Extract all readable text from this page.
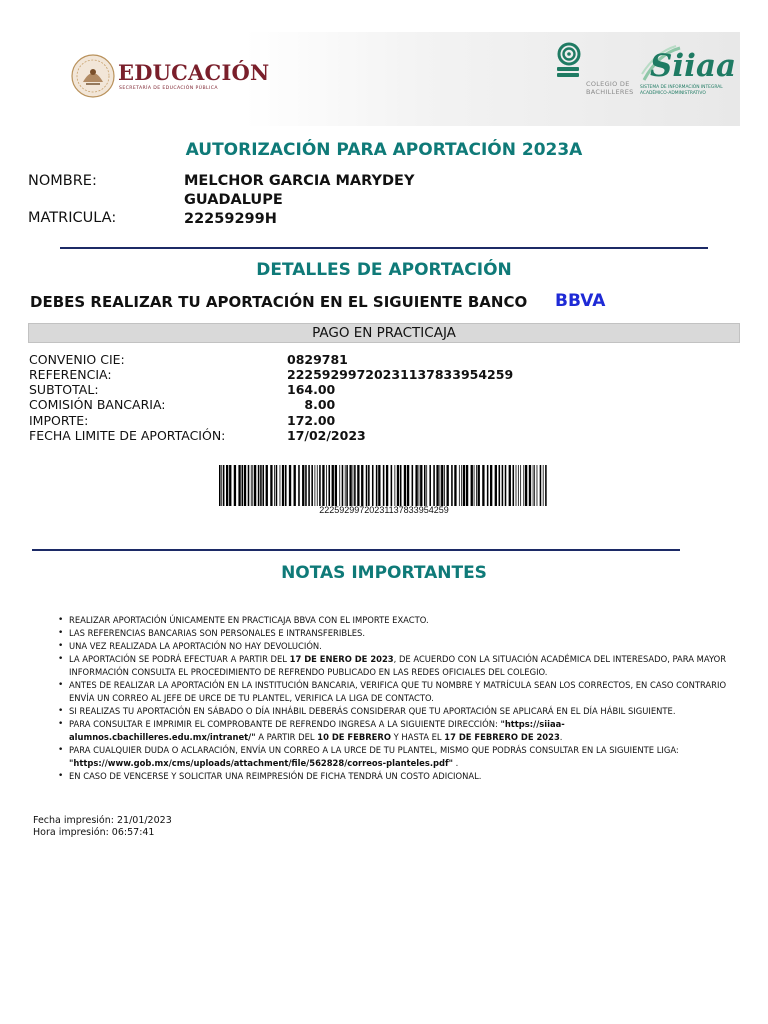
EDUCACIÓN
SECRETARÍA DE EDUCACIÓN PÚBLICA
COLEGIO DE
BACHILLERES
Siiaa
SISTEMA DE INFORMACIÓN INTEGRAL
ACADÉMICO-ADMINISTRATIVO
AUTORIZACIÓN PARA APORTACIÓN 2023A
NOMBRE:	MELCHOR GARCIA MARYDEY GUADALUPE
MATRICULA:	22259299H
DETALLES DE APORTACIÓN
DEBES REALIZAR TU APORTACIÓN EN EL SIGUIENTE BANCO BBVA
PAGO EN PRACTICAJA
CONVENIO CIE:	0829781
REFERENCIA:	22259299720231137833954259
SUBTOTAL:	164.00
COMISIÓN BANCARIA:	8.00
IMPORTE:	172.00
FECHA LIMITE DE APORTACIÓN:	17/02/2023
22259299720231137833954259
NOTAS IMPORTANTES
• REALIZAR APORTACIÓN ÚNICAMENTE EN PRACTICAJA BBVA CON EL IMPORTE EXACTO.
• LAS REFERENCIAS BANCARIAS SON PERSONALES E INTRANSFERIBLES.
• UNA VEZ REALIZADA LA APORTACIÓN NO HAY DEVOLUCIÓN.
• LA APORTACIÓN SE PODRÁ EFECTUAR A PARTIR DEL 17 DE ENERO DE 2023, DE ACUERDO CON LA SITUACIÓN ACADÉMICA DEL INTERESADO, PARA MAYOR INFORMACIÓN CONSULTA EL PROCEDIMIENTO DE REFRENDO PUBLICADO EN LAS REDES OFICIALES DEL COLEGIO.
• ANTES DE REALIZAR LA APORTACIÓN EN LA INSTITUCIÓN BANCARIA, VERIFICA QUE TU NOMBRE Y MATRÍCULA SEAN LOS CORRECTOS, EN CASO CONTRARIO ENVÍA UN CORREO AL JEFE DE URCE DE TU PLANTEL, VERIFICA LA LIGA DE CONTACTO.
• SI REALIZAS TU APORTACIÓN EN SÁBADO O DÍA INHÁBIL DEBERÁS CONSIDERAR QUE TU APORTACIÓN SE APLICARÁ EN EL DÍA HÁBIL SIGUIENTE.
• PARA CONSULTAR E IMPRIMIR EL COMPROBANTE DE REFRENDO INGRESA A LA SIGUIENTE DIRECCIÓN: "https://siiaa-alumnos.cbachilleres.edu.mx/intranet/" A PARTIR DEL 10 DE FEBRERO Y HASTA EL 17 DE FEBRERO DE 2023.
• PARA CUALQUIER DUDA O ACLARACIÓN, ENVÍA UN CORREO A LA URCE DE TU PLANTEL, MISMO QUE PODRÁS CONSULTAR EN LA SIGUIENTE LIGA: "https://www.gob.mx/cms/uploads/attachment/file/562828/correos-planteles.pdf" .
• EN CASO DE VENCERSE Y SOLICITAR UNA REIMPRESIÓN DE FICHA TENDRÁ UN COSTO ADICIONAL.
Fecha impresión: 21/01/2023
Hora impresión: 06:57:41
